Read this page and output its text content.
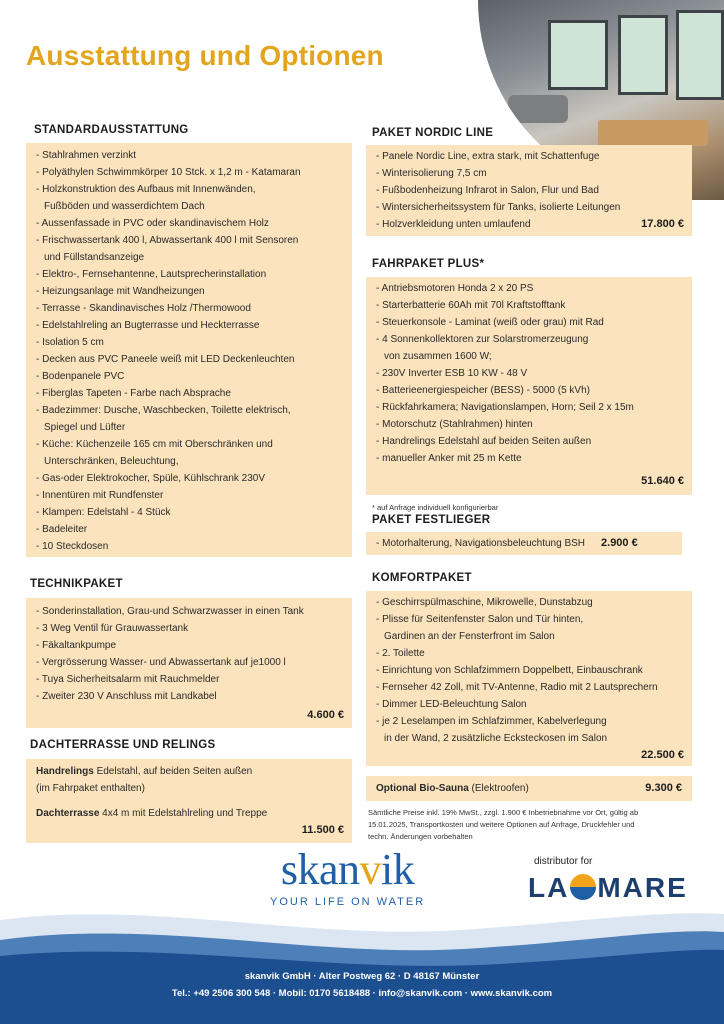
Ausstattung und Optionen
STANDARDAUSSTATTUNG
- Stahlrahmen verzinkt
- Polyäthylen Schwimmkörper 10 Stck. x 1,2 m - Katamaran
- Holzkonstruktion des Aufbaus mit Innenwänden,
Fußböden und wasserdichtem Dach
- Aussenfassade in PVC oder skandinavischem Holz
- Frischwassertank 400 l, Abwassertank 400 l mit Sensoren
und Füllstandsanzeige
- Elektro-, Fernsehantenne, Lautsprecherinstallation
- Heizungsanlage mit Wandheizungen
- Terrasse - Skandinavisches Holz /Thermowood
- Edelstahlreling an Bugterrasse und Heckterrasse
- Isolation 5 cm
- Decken aus PVC Paneele weiß mit LED Deckenleuchten
- Bodenpanele PVC
- Fiberglas Tapeten - Farbe nach Absprache
- Badezimmer: Dusche, Waschbecken, Toilette elektrisch,
Spiegel und Lüfter
- Küche: Küchenzeile 165 cm mit Oberschränken und
Unterschränken, Beleuchtung,
- Gas-oder Elektrokocher, Spüle, Kühlschrank 230V
- Innentüren mit Rundfenster
- Klampen: Edelstahl - 4 Stück
- Badeleiter
- 10 Steckdosen
TECHNIKPAKET
- Sonderinstallation, Grau-und Schwarzwasser in einen Tank
- 3 Weg Ventil für Grauwassertank
- Fäkaltankpumpe
- Vergrösserung Wasser- und Abwassertank auf je1000 l
- Tuya Sicherheitsalarm mit Rauchmelder
- Zweiter 230 V Anschluss mit Landkabel
4.600 €
DACHTERRASSE UND RELINGS
Handrelings Edelstahl, auf beiden Seiten außen
(im Fahrpaket enthalten)
Dachterrasse 4x4 m mit Edelstahlreling und Treppe
11.500 €
PAKET NORDIC LINE
- Panele Nordic Line, extra stark, mit Schattenfuge
- Winterisolierung 7,5 cm
- Fußbodenheizung Infrarot in Salon, Flur und Bad
- Wintersicherheitssystem für Tanks, isolierte Leitungen
- Holzverkleidung unten umlaufend	17.800 €
FAHRPAKET PLUS*
- Antriebsmotoren Honda 2 x 20 PS
- Starterbatterie 60Ah mit 70l Kraftstofftank
- Steuerkonsole - Laminat (weiß oder grau) mit Rad
- 4 Sonnenkollektoren zur Solarstromerzeugung
von zusammen 1600 W;
- 230V Inverter ESB 10 KW - 48 V
- Batterieenergiespeicher (BESS) - 5000 (5 kVh)
- Rückfahrkamera; Navigationslampen, Horn; Seil 2 x 15m
- Motorschutz (Stahlrahmen) hinten
- Handrelings Edelstahl auf beiden Seiten außen
- manueller Anker mit 25 m Kette
51.640 €
* auf Anfrage individuell konfigurierbar
PAKET FESTLIEGER
- Motorhalterung, Navigationsbeleuchtung BSH 2.900 €
KOMFORTPAKET
- Geschirrspülmaschine, Mikrowelle, Dunstabzug
- Plisse für Seitenfenster Salon und Tür hinten,
Gardinen an der Fensterfront im Salon
- 2. Toilette
- Einrichtung von Schlafzimmern Doppelbett, Einbauschrank
- Fernseher 42 Zoll, mit TV-Antenne, Radio mit 2 Lautsprechern
- Dimmer LED-Beleuchtung Salon
- je 2 Leselampen im Schlafzimmer, Kabelverlegung
in der Wand, 2 zusätzliche Ecksteckosen im Salon
22.500 €
Optional Bio-Sauna (Elektroofen)	9.300 €
Sämtliche Preise inkl. 19% MwSt., zzgl. 1.900 € Inbetriebnahme vor Ort, gültig ab
15.01.2025, Transportkosten und weitere Optionen auf Anfrage, Druckfehler und
techn. Änderungen vorbehalten
skanvik
YOUR LIFE ON WATER
distributor for
LA MARE
skanvik GmbH · Alter Postweg 62 · D 48167 Münster
Tel.: +49 2506 300 548 · Mobil: 0170 5618488 · info@skanvik.com · www.skanvik.com
